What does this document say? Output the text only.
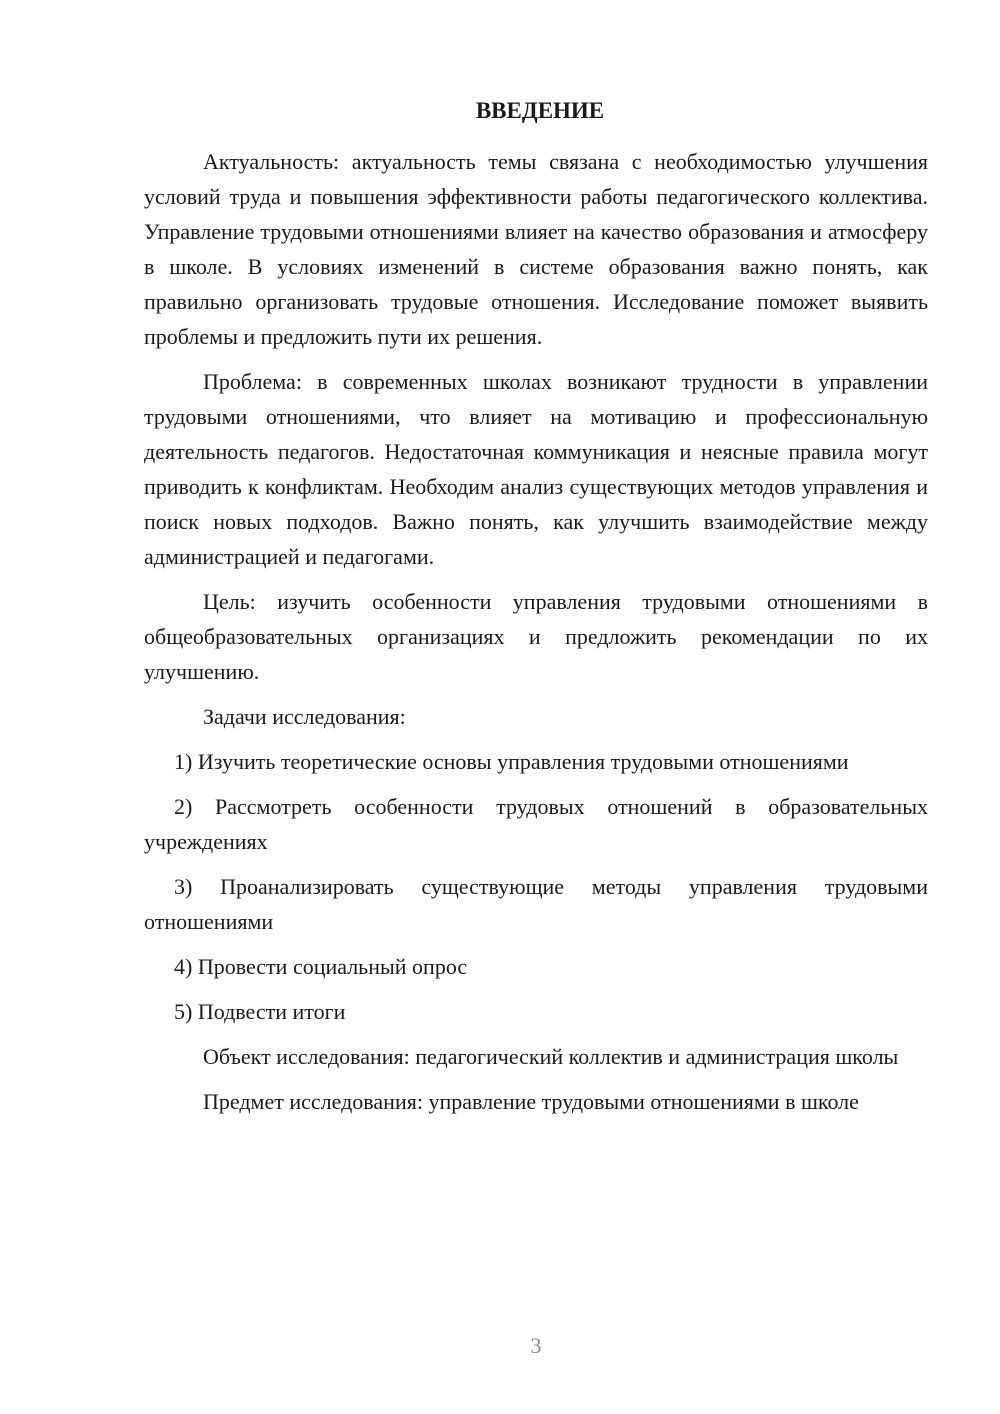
ВВЕДЕНИЕ

Актуальность: актуальность темы связана с необходимостью улучшения условий труда и повышения эффективности работы педагогического коллектива. Управление трудовыми отношениями влияет на качество образования и атмосферу в школе. В условиях изменений в системе образования важно понять, как правильно организовать трудовые отношения. Исследование поможет выявить проблемы и предложить пути их решения.

Проблема: в современных школах возникают трудности в управлении трудовыми отношениями, что влияет на мотивацию и профессиональную деятельность педагогов. Недостаточная коммуникация и неясные правила могут приводить к конфликтам. Необходим анализ существующих методов управления и поиск новых подходов. Важно понять, как улучшить взаимодействие между администрацией и педагогами.

Цель: изучить особенности управления трудовыми отношениями в общеобразовательных организациях и предложить рекомендации по их улучшению.

Задачи исследования:

1) Изучить теоретические основы управления трудовыми отношениями

2) Рассмотреть особенности трудовых отношений в образовательных учреждениях

3) Проанализировать существующие методы управления трудовыми отношениями

4) Провести социальный опрос

5) Подвести итоги

Объект исследования: педагогический коллектив и администрация школы

Предмет исследования: управление трудовыми отношениями в школе

3
